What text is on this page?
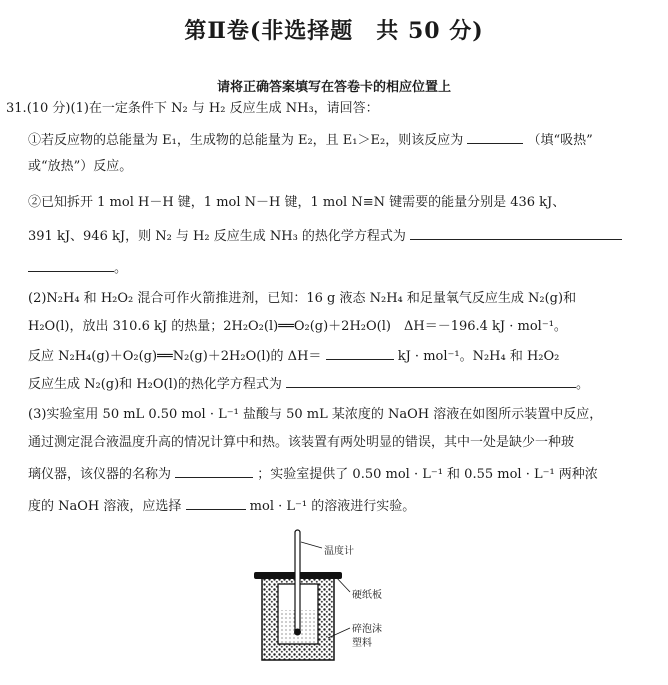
第Ⅱ卷(非选择题　共 50 分)
请将正确答案填写在答卷卡的相应位置上
31.(10 分)(1)在一定条件下 N₂ 与 H₂ 反应生成 NH₃，请回答：
①若反应物的总能量为 E₁，生成物的总能量为 E₂，且 E₁＞E₂，则该反应为	（填“吸热”
或“放热”）反应。
②已知拆开 1 mol H－H 键，1 mol N－H 键，1 mol N≡N 键需要的能量分别是 436 kJ、
391 kJ、946 kJ，则 N₂ 与 H₂ 反应生成 NH₃ 的热化学方程式为
。
(2)N₂H₄ 和 H₂O₂ 混合可作火箭推进剂，已知：16 g 液态 N₂H₄ 和足量氧气反应生成 N₂(g)和
H₂O(l)，放出 310.6 kJ 的热量；2H₂O₂(l)══O₂(g)＋2H₂O(l)　ΔH＝－196.4 kJ · mol⁻¹。
反应 N₂H₄(g)＋O₂(g)══N₂(g)＋2H₂O(l)的 ΔH＝	kJ · mol⁻¹。N₂H₄ 和 H₂O₂
反应生成 N₂(g)和 H₂O(l)的热化学方程式为	。
(3)实验室用 50 mL 0.50 mol · L⁻¹ 盐酸与 50 mL 某浓度的 NaOH 溶液在如图所示装置中反应，
通过测定混合液温度升高的情况计算中和热。该装置有两处明显的错误，其中一处是缺少一种玻
璃仪器，该仪器的名称为	；实验室提供了 0.50 mol · L⁻¹ 和 0.55 mol · L⁻¹ 两种浓
度的 NaOH 溶液，应选择	mol · L⁻¹ 的溶液进行实验。
温度计
硬纸板
碎泡沫
塑料
